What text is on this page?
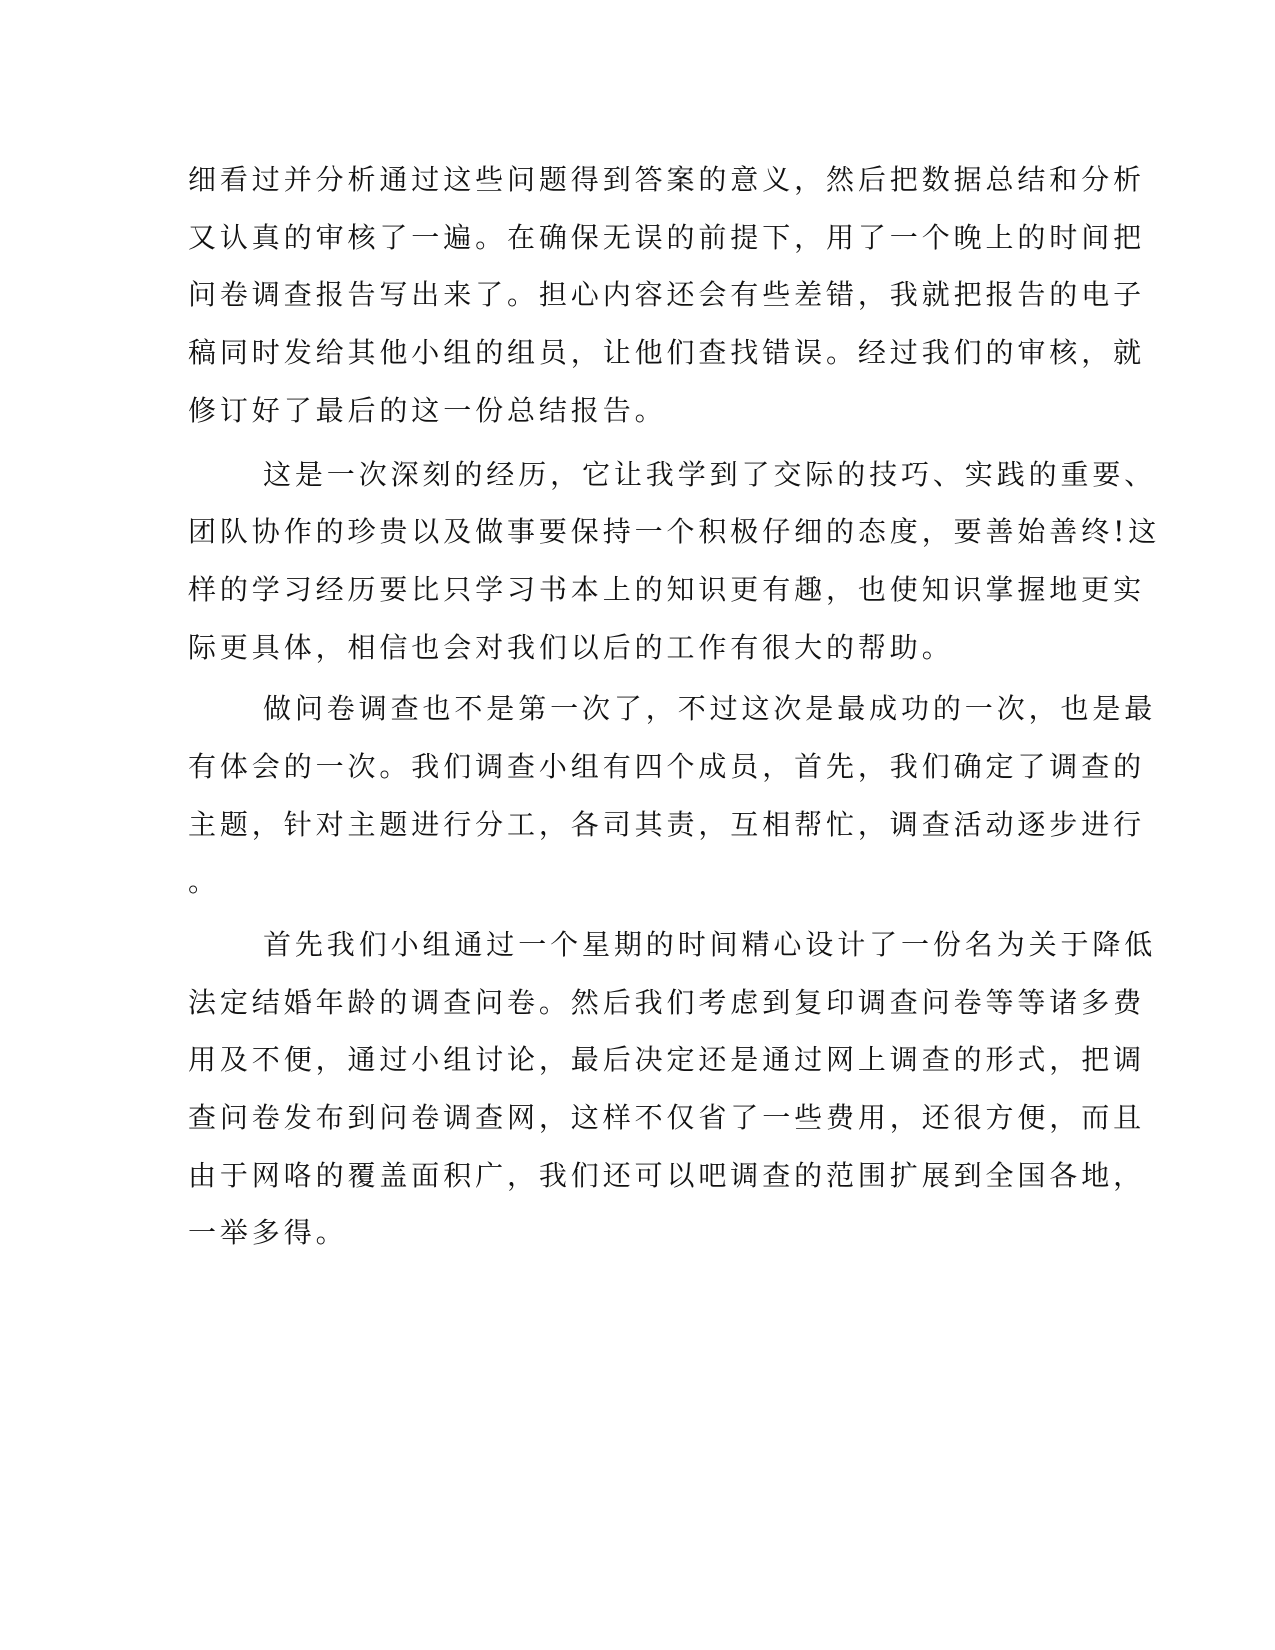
细看过并分析通过这些问题得到答案的意义，然后把数据总结和分析

又认真的审核了一遍。在确保无误的前提下，用了一个晚上的时间把

问卷调查报告写出来了。担心内容还会有些差错，我就把报告的电子

稿同时发给其他小组的组员，让他们查找错误。经过我们的审核，就

修订好了最后的这一份总结报告。

这是一次深刻的经历，它让我学到了交际的技巧、实践的重要、

团队协作的珍贵以及做事要保持一个积极仔细的态度，要善始善终!这

样的学习经历要比只学习书本上的知识更有趣，也使知识掌握地更实

际更具体，相信也会对我们以后的工作有很大的帮助。

做问卷调查也不是第一次了，不过这次是最成功的一次，也是最

有体会的一次。我们调查小组有四个成员，首先，我们确定了调查的

主题，针对主题进行分工，各司其责，互相帮忙，调查活动逐步进行

。

首先我们小组通过一个星期的时间精心设计了一份名为关于降低

法定结婚年龄的调查问卷。然后我们考虑到复印调查问卷等等诸多费

用及不便，通过小组讨论，最后决定还是通过网上调查的形式，把调

查问卷发布到问卷调查网，这样不仅省了一些费用，还很方便，而且

由于网咯的覆盖面积广，我们还可以吧调查的范围扩展到全国各地，

一举多得。
